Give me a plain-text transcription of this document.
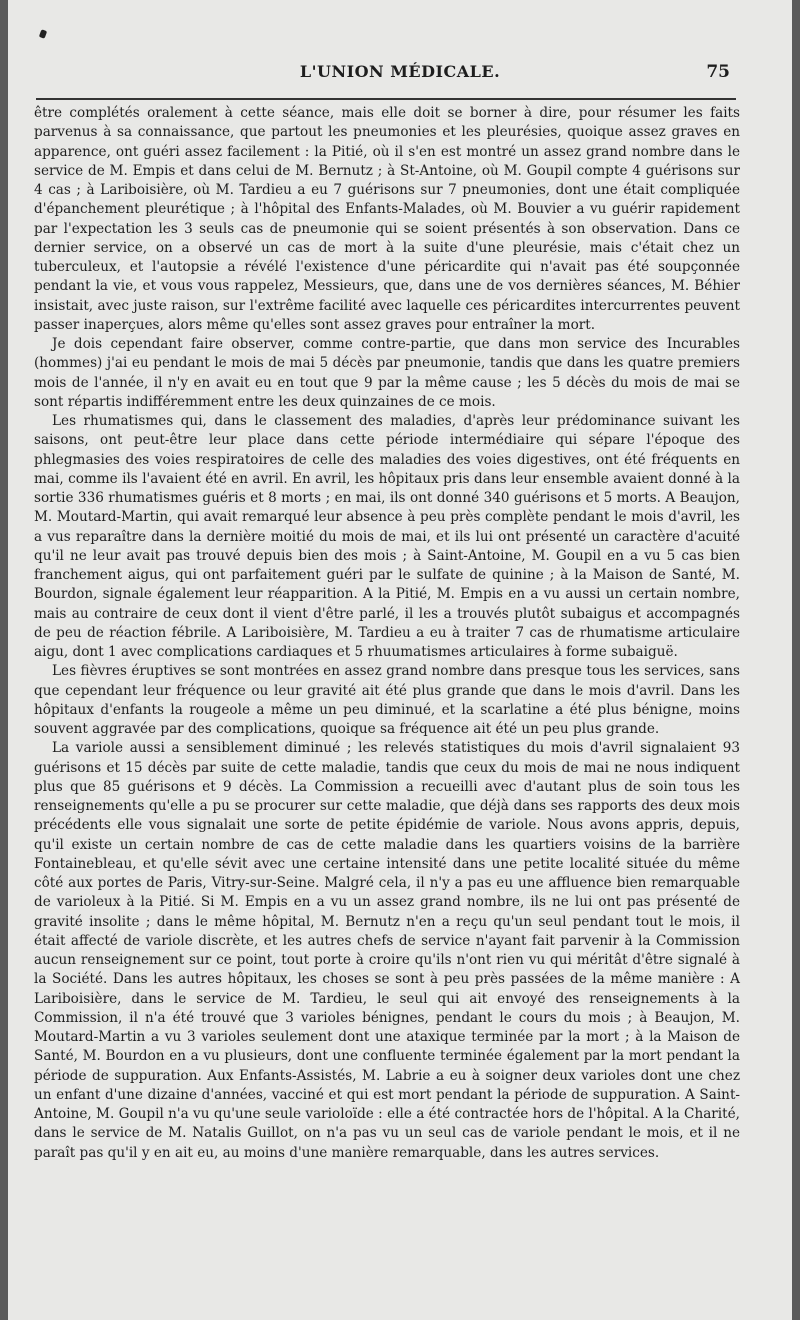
L'UNION MÉDICALE.	75

être complétés oralement à cette séance, mais elle doit se borner à dire, pour résumer les faits parvenus à sa connaissance, que partout les pneumonies et les pleurésies, quoique assez graves en apparence, ont guéri assez facilement : la Pitié, où il s'en est montré un assez grand nombre dans le service de M. Empis et dans celui de M. Bernutz ; à St-Antoine, où M. Goupil compte 4 guérisons sur 4 cas ; à Lariboisière, où M. Tardieu a eu 7 guérisons sur 7 pneumonies, dont une était compliquée d'épanchement pleurétique ; à l'hôpital des Enfants-Malades, où M. Bouvier a vu guérir rapidement par l'expectation les 3 seuls cas de pneumonie qui se soient présentés à son observation. Dans ce dernier service, on a observé un cas de mort à la suite d'une pleurésie, mais c'était chez un tuberculeux, et l'autopsie a révélé l'existence d'une péricardite qui n'avait pas été soupçonnée pendant la vie, et vous vous rappelez, Messieurs, que, dans une de vos dernières séances, M. Béhier insistait, avec juste raison, sur l'extrême facilité avec laquelle ces péricardites intercurrentes peuvent passer inaperçues, alors même qu'elles sont assez graves pour entraîner la mort.

Je dois cependant faire observer, comme contre-partie, que dans mon service des Incurables (hommes) j'ai eu pendant le mois de mai 5 décès par pneumonie, tandis que dans les quatre premiers mois de l'année, il n'y en avait eu en tout que 9 par la même cause ; les 5 décès du mois de mai se sont répartis indifféremment entre les deux quinzaines de ce mois.

Les rhumatismes qui, dans le classement des maladies, d'après leur prédominance suivant les saisons, ont peut-être leur place dans cette période intermédiaire qui sépare l'époque des phlegmasies des voies respiratoires de celle des maladies des voies digestives, ont été fréquents en mai, comme ils l'avaient été en avril. En avril, les hôpitaux pris dans leur ensemble avaient donné à la sortie 336 rhumatismes guéris et 8 morts ; en mai, ils ont donné 340 guérisons et 5 morts. A Beaujon, M. Moutard-Martin, qui avait remarqué leur absence à peu près complète pendant le mois d'avril, les a vus reparaître dans la dernière moitié du mois de mai, et ils lui ont présenté un caractère d'acuité qu'il ne leur avait pas trouvé depuis bien des mois ; à Saint-Antoine, M. Goupil en a vu 5 cas bien franchement aigus, qui ont parfaitement guéri par le sulfate de quinine ; à la Maison de Santé, M. Bourdon, signale également leur réapparition. A la Pitié, M. Empis en a vu aussi un certain nombre, mais au contraire de ceux dont il vient d'être parlé, il les a trouvés plutôt subaigus et accompagnés de peu de réaction fébrile. A Lariboisière, M. Tardieu a eu à traiter 7 cas de rhumatisme articulaire aigu, dont 1 avec complications cardiaques et 5 rhuumatismes articulaires à forme subaiguë.

Les fièvres éruptives se sont montrées en assez grand nombre dans presque tous les services, sans que cependant leur fréquence ou leur gravité ait été plus grande que dans le mois d'avril. Dans les hôpitaux d'enfants la rougeole a même un peu diminué, et la scarlatine a été plus bénigne, moins souvent aggravée par des complications, quoique sa fréquence ait été un peu plus grande.

La variole aussi a sensiblement diminué ; les relevés statistiques du mois d'avril signalaient 93 guérisons et 15 décès par suite de cette maladie, tandis que ceux du mois de mai ne nous indiquent plus que 85 guérisons et 9 décès. La Commission a recueilli avec d'autant plus de soin tous les renseignements qu'elle a pu se procurer sur cette maladie, que déjà dans ses rapports des deux mois précédents elle vous signalait une sorte de petite épidémie de variole. Nous avons appris, depuis, qu'il existe un certain nombre de cas de cette maladie dans les quartiers voisins de la barrière Fontainebleau, et qu'elle sévit avec une certaine intensité dans une petite localité située du même côté aux portes de Paris, Vitry-sur-Seine. Malgré cela, il n'y a pas eu une affluence bien remarquable de varioleux à la Pitié. Si M. Empis en a vu un assez grand nombre, ils ne lui ont pas présenté de gravité insolite ; dans le même hôpital, M. Bernutz n'en a reçu qu'un seul pendant tout le mois, il était affecté de variole discrète, et les autres chefs de service n'ayant fait parvenir à la Commission aucun renseignement sur ce point, tout porte à croire qu'ils n'ont rien vu qui méritât d'être signalé à la Société. Dans les autres hôpitaux, les choses se sont à peu près passées de la même manière : A Lariboisière, dans le service de M. Tardieu, le seul qui ait envoyé des renseignements à la Commission, il n'a été trouvé que 3 varioles bénignes, pendant le cours du mois ; à Beaujon, M. Moutard-Martin a vu 3 varioles seulement dont une ataxique terminée par la mort ; à la Maison de Santé, M. Bourdon en a vu plusieurs, dont une confluente terminée également par la mort pendant la période de suppuration. Aux Enfants-Assistés, M. Labrie a eu à soigner deux varioles dont une chez un enfant d'une dizaine d'années, vacciné et qui est mort pendant la période de suppuration. A Saint-Antoine, M. Goupil n'a vu qu'une seule varioloïde : elle a été contractée hors de l'hôpital. A la Charité, dans le service de M. Natalis Guillot, on n'a pas vu un seul cas de variole pendant le mois, et il ne paraît pas qu'il y en ait eu, au moins d'une manière remarquable, dans les autres services.
